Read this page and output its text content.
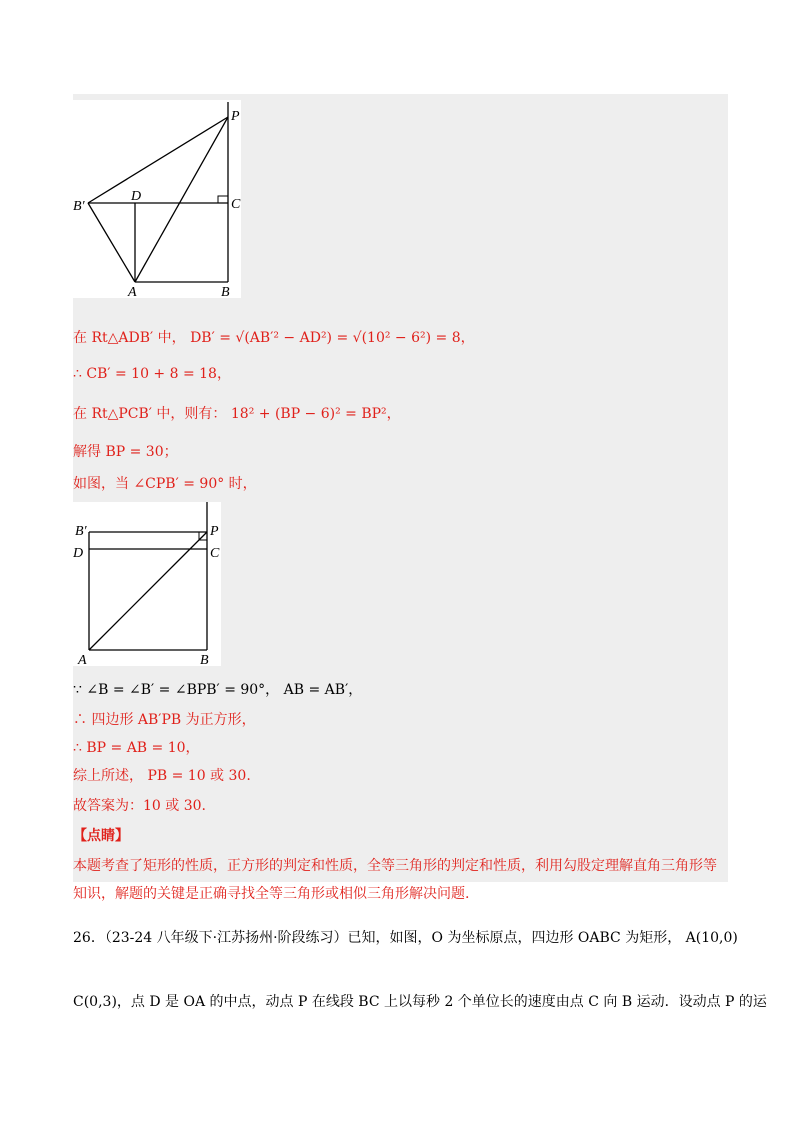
P
B′
D
C
A	B
在 Rt△ADB′ 中， DB′ = √(AB′² − AD²) = √(10² − 6²) = 8，
∴ CB′ = 10 + 8 = 18，
在 Rt△PCB′ 中，则有： 18² + (BP − 6)² = BP²，
解得 BP = 30；
如图，当 ∠CPB′ = 90° 时，
B′	P
D	C
A	B
∵ ∠B = ∠B′ = ∠BPB′ = 90°， AB = AB′，
∴ 四边形 AB′PB 为正方形，
∴ BP = AB = 10，
综上所述， PB = 10 或 30.
故答案为：10 或 30.
【点睛】
本题考查了矩形的性质，正方形的判定和性质，全等三角形的判定和性质，利用勾股定理解直角三角形等
知识，解题的关键是正确寻找全等三角形或相似三角形解决问题.
26．（23-24 八年级下·江苏扬州·阶段练习）已知，如图，O 为坐标原点，四边形 OABC 为矩形， A(10,0)
C(0,3)，点 D 是 OA 的中点，动点 P 在线段 BC 上以每秒 2 个单位长的速度由点 C 向 B 运动．设动点 P 的运
